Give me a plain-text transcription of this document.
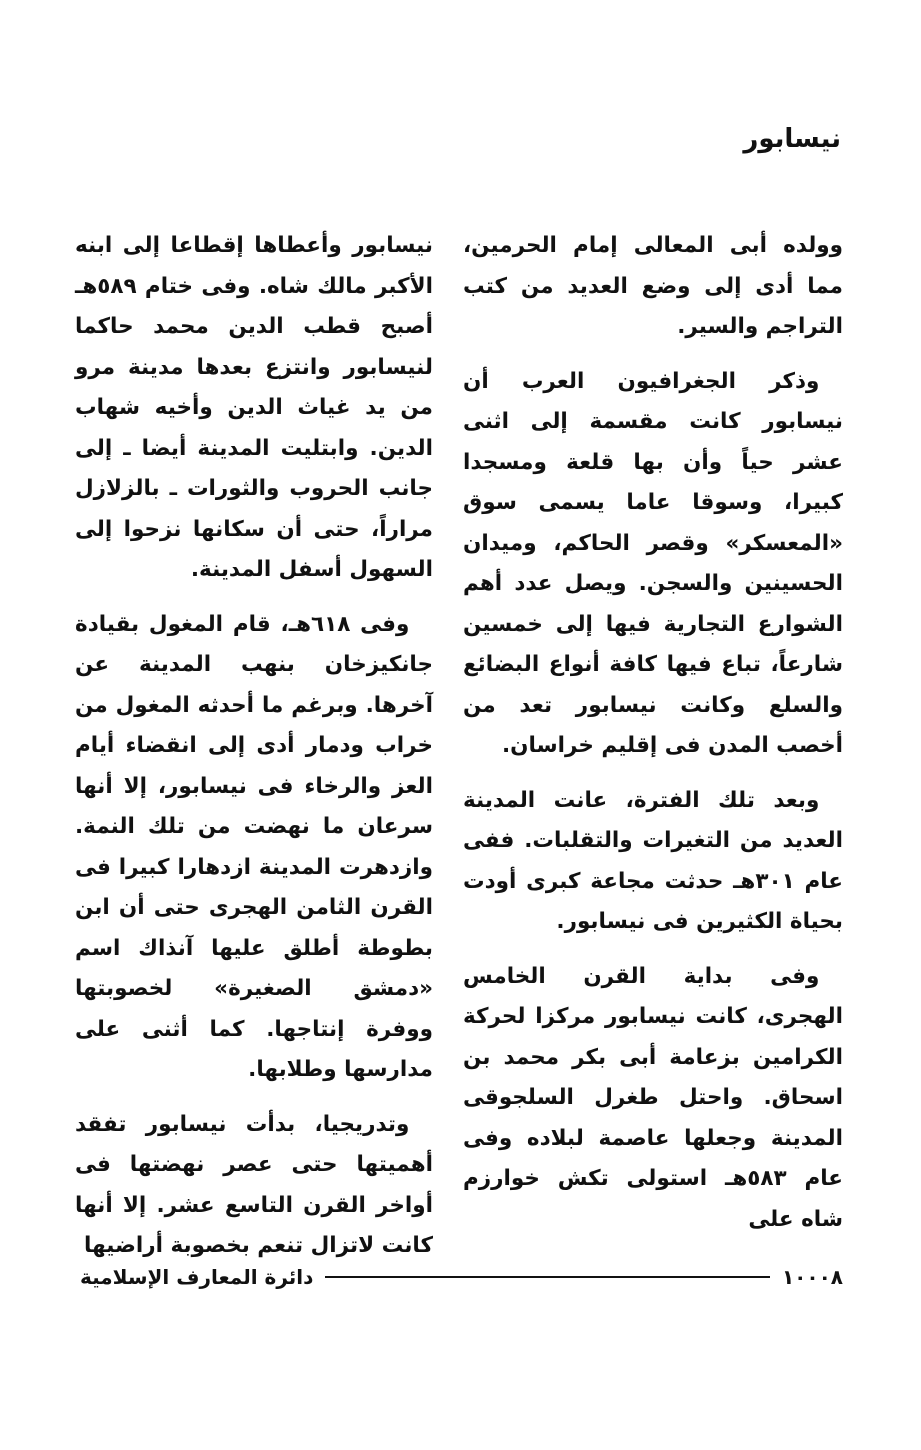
نيسابور

وولده أبى المعالى إمام الحرمين، مما أدى إلى وضع العديد من كتب التراجم والسير.

وذكر الجغرافيون العرب أن نيسابور كانت مقسمة إلى اثنى عشر حياً وأن بها قلعة ومسجدا كبيرا، وسوقا عاما يسمى سوق «المعسكر» وقصر الحاكم، وميدان الحسينين والسجن. ويصل عدد أهم الشوارع التجارية فيها إلى خمسين شارعاً، تباع فيها كافة أنواع البضائع والسلع وكانت نيسابور تعد من أخصب المدن فى إقليم خراسان.

وبعد تلك الفترة، عانت المدينة العديد من التغيرات والتقلبات. ففى عام ٣٠١هـ حدثت مجاعة كبرى أودت بحياة الكثيرين فى نيسابور.

وفى بداية القرن الخامس الهجرى، كانت نيسابور مركزا لحركة الكرامين بزعامة أبى بكر محمد بن اسحاق. واحتل طغرل السلجوقى المدينة وجعلها عاصمة لبلاده وفى عام ٥٨٣هـ استولى تكش خوارزم شاه على

نيسابور وأعطاها إقطاعا إلى ابنه الأكبر مالك شاه. وفى ختام ٥٨٩هـ أصبح قطب الدين محمد حاكما لنيسابور وانتزع بعدها مدينة مرو من يد غياث الدين وأخيه شهاب الدين. وابتليت المدينة أيضا ـ إلى جانب الحروب والثورات ـ بالزلازل مراراً، حتى أن سكانها نزحوا إلى السهول أسفل المدينة.

وفى ٦١٨هـ، قام المغول بقيادة جانكيزخان بنهب المدينة عن آخرها. وبرغم ما أحدثه المغول من خراب ودمار أدى إلى انقضاء أيام العز والرخاء فى نيسابور، إلا أنها سرعان ما نهضت من تلك النمة. وازدهرت المدينة ازدهارا كبيرا فى القرن الثامن الهجرى حتى أن ابن بطوطة أطلق عليها آنذاك اسم «دمشق الصغيرة» لخصوبتها ووفرة إنتاجها. كما أثنى على مدارسها وطلابها.

وتدريجيا، بدأت نيسابور تفقد أهميتها حتى عصر نهضتها فى أواخر القرن التاسع عشر. إلا أنها كانت لاتزال تنعم بخصوبة أراضيها

١٠٠٠٨
دائرة المعارف الإسلامية
